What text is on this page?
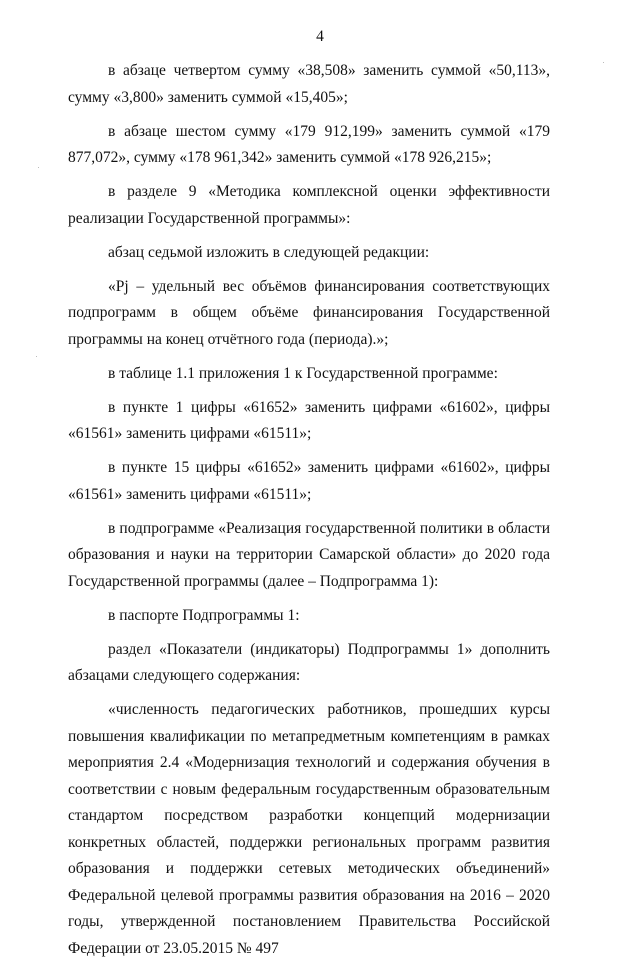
4

в абзаце четвертом сумму «38,508» заменить суммой «50,113», сумму «3,800» заменить суммой «15,405»;

в абзаце шестом сумму «179 912,199» заменить суммой «179 877,072», сумму «178 961,342» заменить суммой «178 926,215»;

в разделе 9 «Методика комплексной оценки эффективности реализации Государственной программы»:

абзац седьмой изложить в следующей редакции:

«Pj – удельный вес объёмов финансирования соответствующих подпрограмм в общем объёме финансирования Государственной программы на конец отчётного года (периода).»;

в таблице 1.1 приложения 1 к Государственной программе:

в пункте 1 цифры «61652» заменить цифрами «61602», цифры «61561» заменить цифрами «61511»;

в пункте 15 цифры «61652» заменить цифрами «61602», цифры «61561» заменить цифрами «61511»;

в подпрограмме «Реализация государственной политики в области образования и науки на территории Самарской области» до 2020 года Государственной программы (далее – Подпрограмма 1):

в паспорте Подпрограммы 1:

раздел «Показатели (индикаторы) Подпрограммы 1» дополнить абзацами следующего содержания:

«численность педагогических работников, прошедших курсы повышения квалификации по метапредметным компетенциям в рамках мероприятия 2.4 «Модернизация технологий и содержания обучения в соответствии с новым федеральным государственным образовательным стандартом посредством разработки концепций модернизации конкретных областей, поддержки региональных программ развития образования и поддержки сетевых методических объединений» Федеральной целевой программы развития образования на 2016 – 2020 годы, утвержденной постановлением Правительства Российской Федерации от 23.05.2015 № 497
